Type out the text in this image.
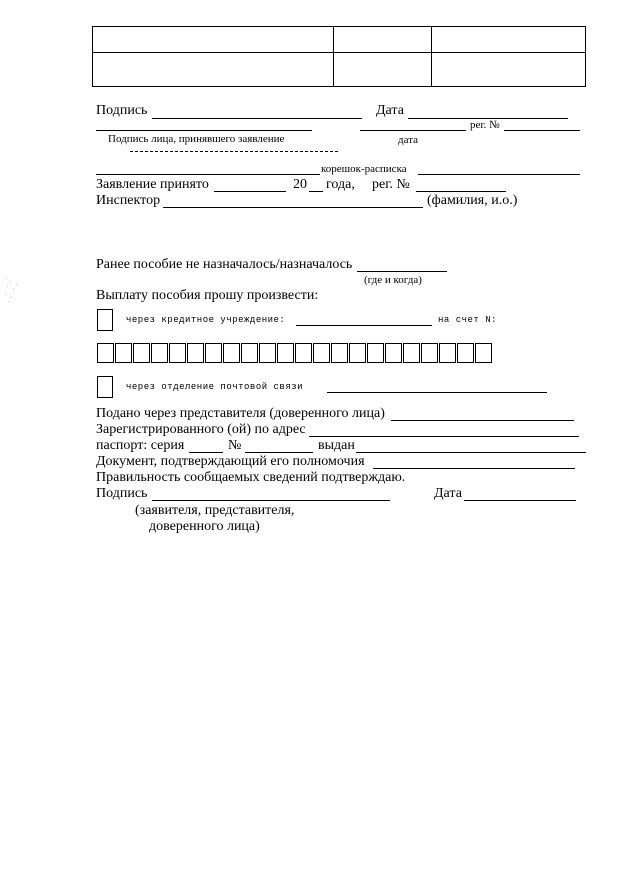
Подпись	Дата
рег. №
Подпись лица, принявшего заявление	дата
корешок-расписка
Заявление принято	20 года, рег. №
Инспектор	(фамилия, и.о.)
Ранее пособие не назначалось/назначалось
(где и когда)
Выплату пособия прошу произвести:
через кредитное учреждение:	на счет N:
через отделение почтовой связи
Подано через представителя (доверенного лица)
Зарегистрированного (ой) по адрес
паспорт: серия	№	выдан
Документ, подтверждающий его полномочия
Правильность сообщаемых сведений подтверждаю.
Подпись	Дата
(заявителя, представителя,
доверенного лица)
